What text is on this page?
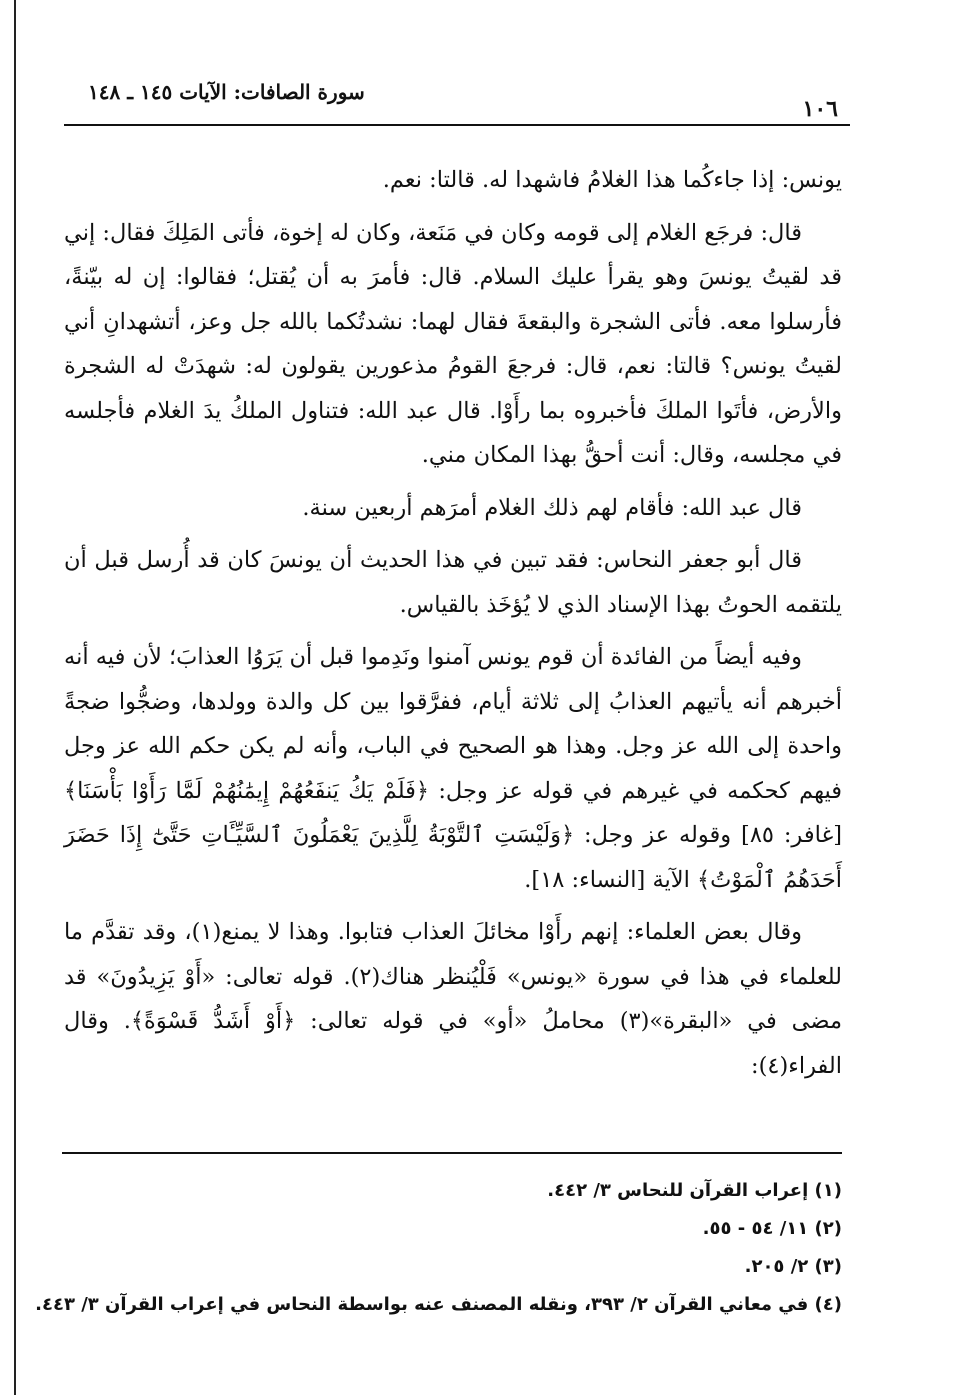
١٠٦
سورة الصافات: الآيات ١٤٥ ـ ١٤٨

يونس: إذا جاءكُما هذا الغلامُ فاشهدا له. قالتا: نعم.

قال: فرجَع الغلام إلى قومه وكان في مَنَعة، وكان له إخوة، فأتى المَلِكَ فقال: إني قد لقيتُ يونسَ وهو يقرأ عليك السلام. قال: فأمرَ به أن يُقتل؛ فقالوا: إن له بيّنةً، فأرسلوا معه. فأتى الشجرة والبقعةَ فقال لهما: نشدتُكما بالله جل وعز، أتشهدانِ أني لقيتُ يونس؟ قالتا: نعم، قال: فرجعَ القومُ مذعورين يقولون له: شهدَتْ له الشجرة والأرض، فأتَوا الملكَ فأخبروه بما رأَوْا. قال عبد الله: فتناول الملكُ يدَ الغلام فأجلسه في مجلسه، وقال: أنت أحقُّ بهذا المكان مني.

قال عبد الله: فأقام لهم ذلك الغلام أمرَهم أربعين سنة.

قال أبو جعفر النحاس: فقد تبين في هذا الحديث أن يونسَ كان قد أُرسل قبل أن يلتقمه الحوتُ بهذا الإسناد الذي لا يُؤخَذ بالقياس.

وفيه أيضاً من الفائدة أن قوم يونس آمنوا ونَدِموا قبل أن يَرَوُا العذابَ؛ لأن فيه أنه أخبرهم أنه يأتيهم العذابُ إلى ثلاثة أيام، ففرَّقوا بين كل والدة وولدها، وضجُّوا ضجةً واحدة إلى الله عز وجل. وهذا هو الصحيح في الباب، وأنه لم يكن حكم الله عز وجل فيهم كحكمه في غيرهم في قوله عز وجل: ﴿فَلَمْ يَكُ يَنفَعُهُمْ إِيمَٰنُهُمْ لَمَّا رَأَوْا بَأْسَنَا﴾ [غافر: ٨٥] وقوله عز وجل: ﴿وَلَيْسَتِ ٱلتَّوْبَةُ لِلَّذِينَ يَعْمَلُونَ ٱلسَّيِّـَٔاتِ حَتَّىٰٓ إِذَا حَضَرَ أَحَدَهُمُ ٱلْمَوْتُ﴾ الآية [النساء: ١٨].

وقال بعض العلماء: إنهم رأَوْا مخائلَ العذاب فتابوا. وهذا لا يمنع(١)، وقد تقدَّم ما للعلماء في هذا في سورة «يونس» فَلْيُنظر هناك(٢). قوله تعالى: «أَوْ يَزِيدُونَ» قد مضى في «البقرة»(٣) محاملُ «أو» في قوله تعالى: ﴿أَوْ أَشَدُّ قَسْوَةً﴾. وقال الفراء(٤):

(١) إعراب القرآن للنحاس ٣/ ٤٤٢.

(٢) ١١/ ٥٤ - ٥٥.

(٣) ٢/ ٢٠٥.

(٤) في معاني القرآن ٢/ ٣٩٣، ونقله المصنف عنه بواسطة النحاس في إعراب القرآن ٣/ ٤٤٣.
